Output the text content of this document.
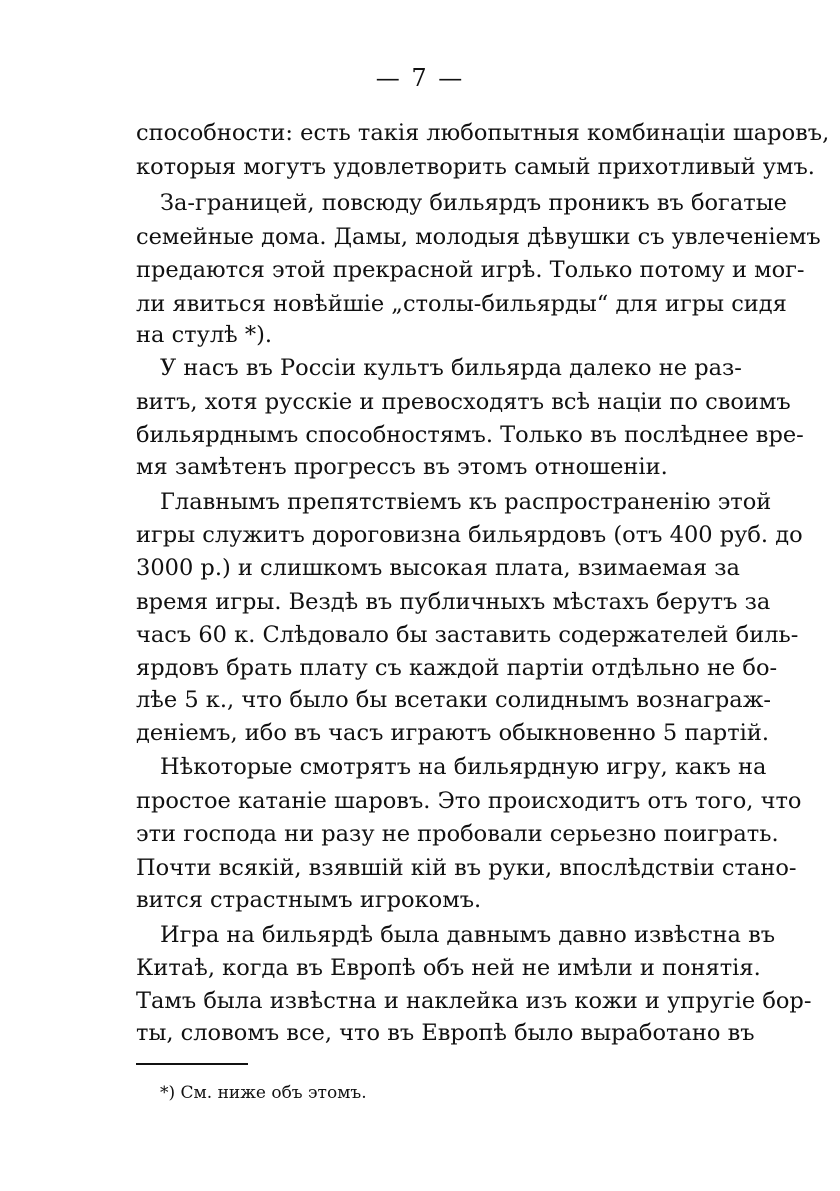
— 7 —
способности: есть такія любопытныя комбинаціи шаровъ,
которыя могутъ удовлетворить самый прихотливый умъ.
За-границей, повсюду бильярдъ проникъ въ богатые
семейные дома. Дамы, молодыя дѣвушки съ увлеченіемъ
предаются этой прекрасной игрѣ. Только потому и мог-
ли явиться новѣйшіе „столы-бильярды“ для игры сидя
на стулѣ *).
У насъ въ Россіи культъ бильярда далеко не раз-
витъ, хотя русскіе и превосходятъ всѣ націи по своимъ
бильярднымъ способностямъ. Только въ послѣднее вре-
мя замѣтенъ прогрессъ въ этомъ отношеніи.
Главнымъ препятствіемъ къ распространенію этой
игры служитъ дороговизна бильярдовъ (отъ 400 руб. до
3000 р.) и слишкомъ высокая плата, взимаемая за
время игры. Вездѣ въ публичныхъ мѣстахъ берутъ за
часъ 60 к. Слѣдовало бы заставить содержателей биль-
ярдовъ брать плату съ каждой партіи отдѣльно не бо-
лѣе 5 к., что было бы всетаки солиднымъ вознаграж-
деніемъ, ибо въ часъ играютъ обыкновенно 5 партій.
Нѣкоторые смотрятъ на бильярдную игру, какъ на
простое катаніе шаровъ. Это происходитъ отъ того, что
эти господа ни разу не пробовали серьезно поиграть.
Почти всякій, взявшій кій въ руки, впослѣдствіи стано-
вится страстнымъ игрокомъ.
Игра на бильярдѣ была давнымъ давно извѣстна въ
Китаѣ, когда въ Европѣ объ ней не имѣли и понятія.
Тамъ была извѣстна и наклейка изъ кожи и упругіе бор-
ты, словомъ все, что въ Европѣ было выработано въ
*) См. ниже объ этомъ.
